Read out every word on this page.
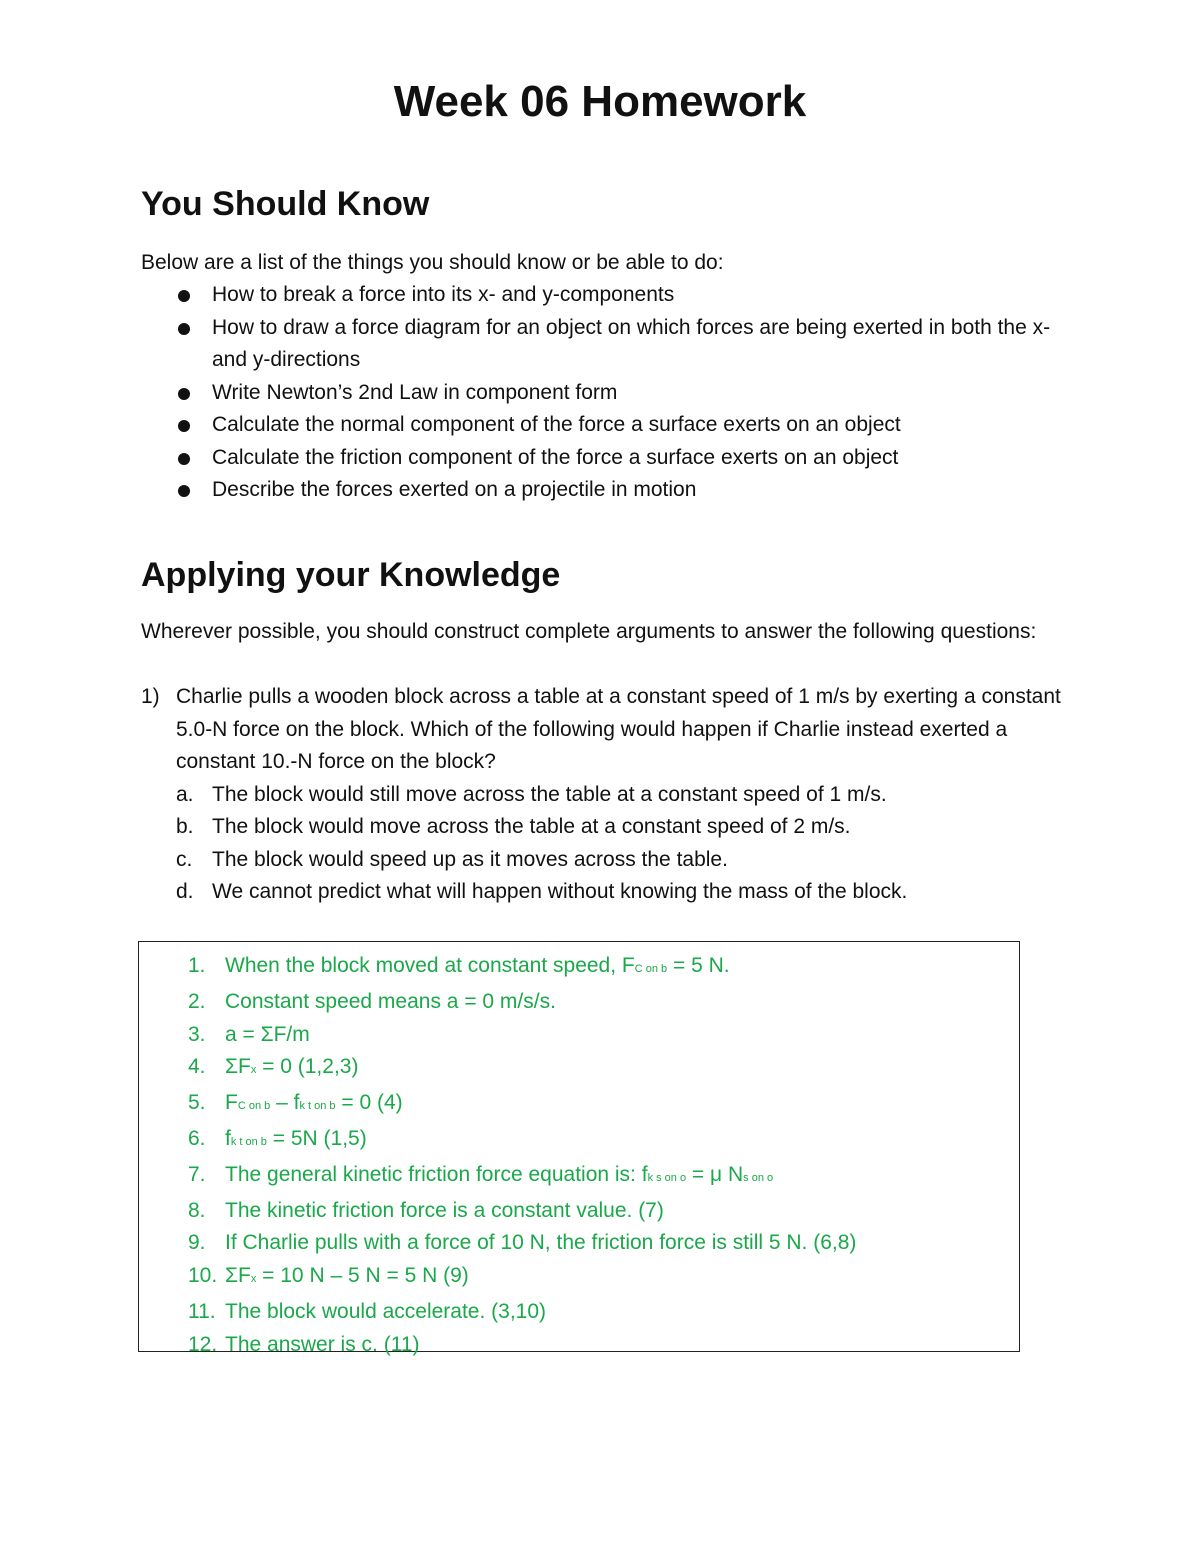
Week 06 Homework
You Should Know

Below are a list of the things you should know or be able to do:

How to break a force into its x- and y-components
How to draw a force diagram for an object on which forces are being exerted in both the x- and y-directions
Write Newton’s 2nd Law in component form
Calculate the normal component of the force a surface exerts on an object
Calculate the friction component of the force a surface exerts on an object
Describe the forces exerted on a projectile in motion
Applying your Knowledge

Wherever possible, you should construct complete arguments to answer the following questions:

1) Charlie pulls a wooden block across a table at a constant speed of 1 m/s by exerting a constant 5.0-N force on the block. Which of the following would happen if Charlie instead exerted a constant 10.-N force on the block?

a. The block would still move across the table at a constant speed of 1 m/s.
b. The block would move across the table at a constant speed of 2 m/s.
c. The block would speed up as it moves across the table.
d. We cannot predict what will happen without knowing the mass of the block.
1. When the block moved at constant speed, FC on b = 5 N.
2. Constant speed means a = 0 m/s/s.
3. a = ΣF/m
4. ΣFx = 0 (1,2,3)
5. FC on b – fk t on b = 0 (4)
6. fk t on b = 5N (1,5)
7. The general kinetic friction force equation is: fk s on o = μ Ns on o
8. The kinetic friction force is a constant value. (7)
9. If Charlie pulls with a force of 10 N, the friction force is still 5 N. (6,8)
10. ΣFx = 10 N – 5 N = 5 N (9)
11. The block would accelerate. (3,10)
12. The answer is c. (11)
